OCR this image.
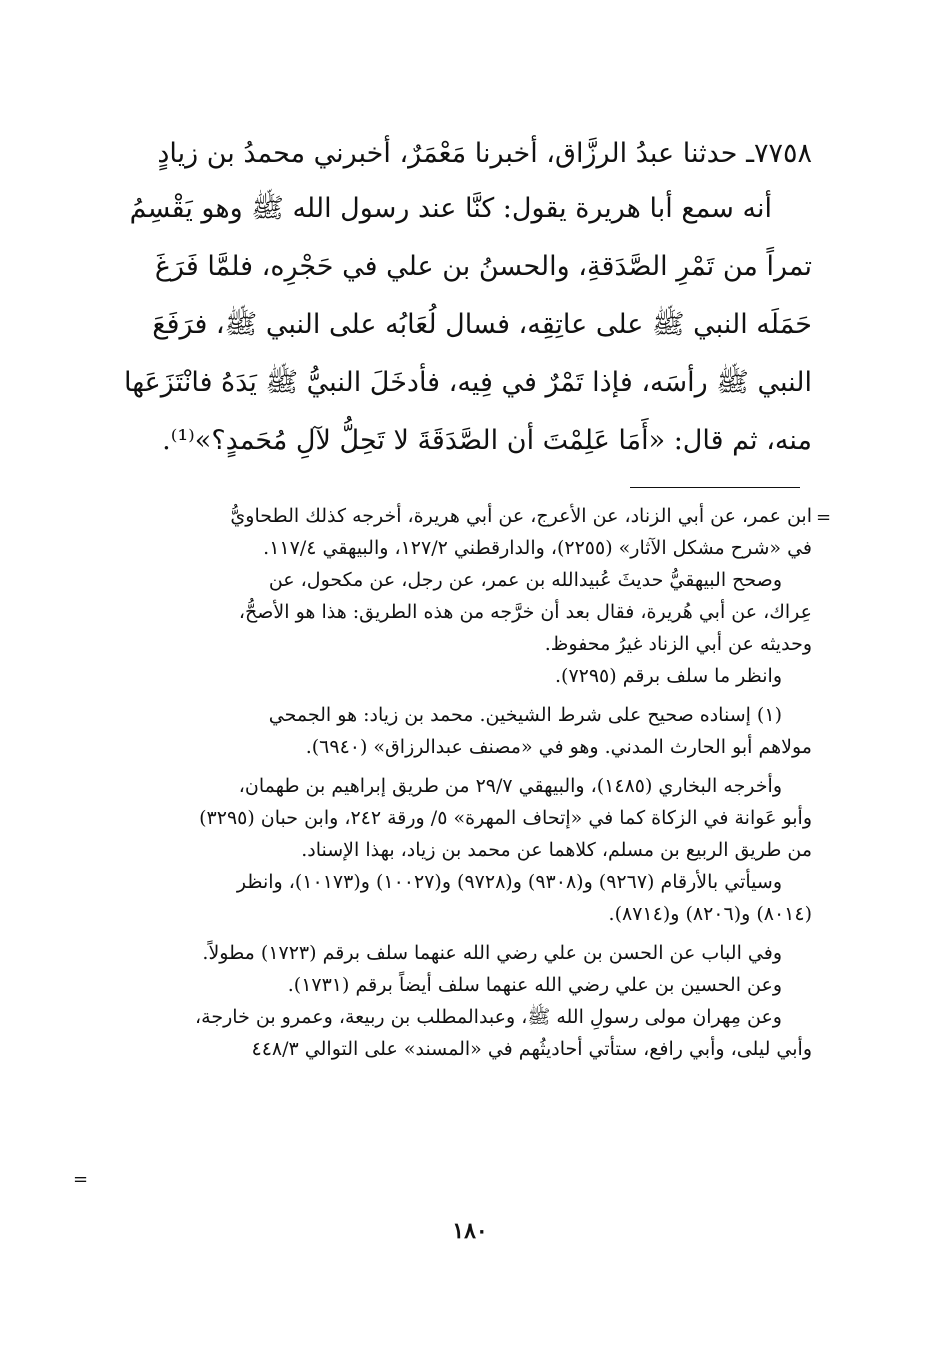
٧٧٥٨ـ حدثنا عبدُ الرزَّاق، أخبرنا مَعْمَرٌ، أخبرني محمدُ بن زيادٍ
أنه سمع أبا هريرة يقول: كنَّا عند رسول الله ﷺ وهو يَقْسِمُ
تمراً من تَمْرِ الصَّدَقةِ، والحسنُ بن علي في حَجْرِه، فلمَّا فَرَغَ
حَمَلَه النبي ﷺ على عاتِقِه، فسال لُعَابُه على النبي ﷺ، فرَفَعَ
النبي ﷺ رأسَه، فإذا تَمْرٌ في فِيه، فأدخَلَ النبيُّ ﷺ يَدَهُ فانْتَزَعَها
منه، ثم قال: «أَمَا عَلِمْتَ أن الصَّدَقَةَ لا تَحِلُّ لآلِ مُحَمدٍ؟»⁽¹⁾.
=
ابن عمر، عن أبي الزناد، عن الأعرج، عن أبي هريرة، أخرجه كذلك الطحاويُّ
في «شرح مشكل الآثار» (٢٢٥٥)، والدارقطني ١٢٧/٢، والبيهقي ١١٧/٤.
وصحح البيهقيُّ حديثَ عُبيدالله بن عمر، عن رجل، عن مكحول، عن
عِراك، عن أبي هُريرة، فقال بعد أن خرَّجه من هذه الطريق: هذا هو الأصحُّ،
وحديثه عن أبي الزناد غيرُ محفوظ.
وانظر ما سلف برقم (٧٢٩٥).
(١) إسناده صحيح على شرط الشيخين. محمد بن زياد: هو الجمحي
مولاهم أبو الحارث المدني. وهو في «مصنف عبدالرزاق» (٦٩٤٠).
وأخرجه البخاري (١٤٨٥)، والبيهقي ٢٩/٧ من طريق إبراهيم بن طهمان،
وأبو عَوانة في الزكاة كما في «إتحاف المهرة» ٥/ ورقة ٢٤٢، وابن حبان (٣٢٩٥)
من طريق الربيع بن مسلم، كلاهما عن محمد بن زياد، بهذا الإسناد.
وسيأتي بالأرقام (٩٢٦٧) و(٩٣٠٨) و(٩٧٢٨) و(١٠٠٢٧) و(١٠١٧٣)، وانظر
(٨٠١٤) و(٨٢٠٦) و(٨٧١٤).
وفي الباب عن الحسن بن علي رضي الله عنهما سلف برقم (١٧٢٣) مطولاً.
وعن الحسين بن علي رضي الله عنهما سلف أيضاً برقم (١٧٣١).
وعن مِهران مولى رسولِ الله ﷺ، وعبدالمطلب بن ربيعة، وعمرو بن خارجة،
وأبي ليلى، وأبي رافع، ستأتي أحاديثُهم في «المسند» على التوالي ٤٤٨/٣
=
١٨٠
